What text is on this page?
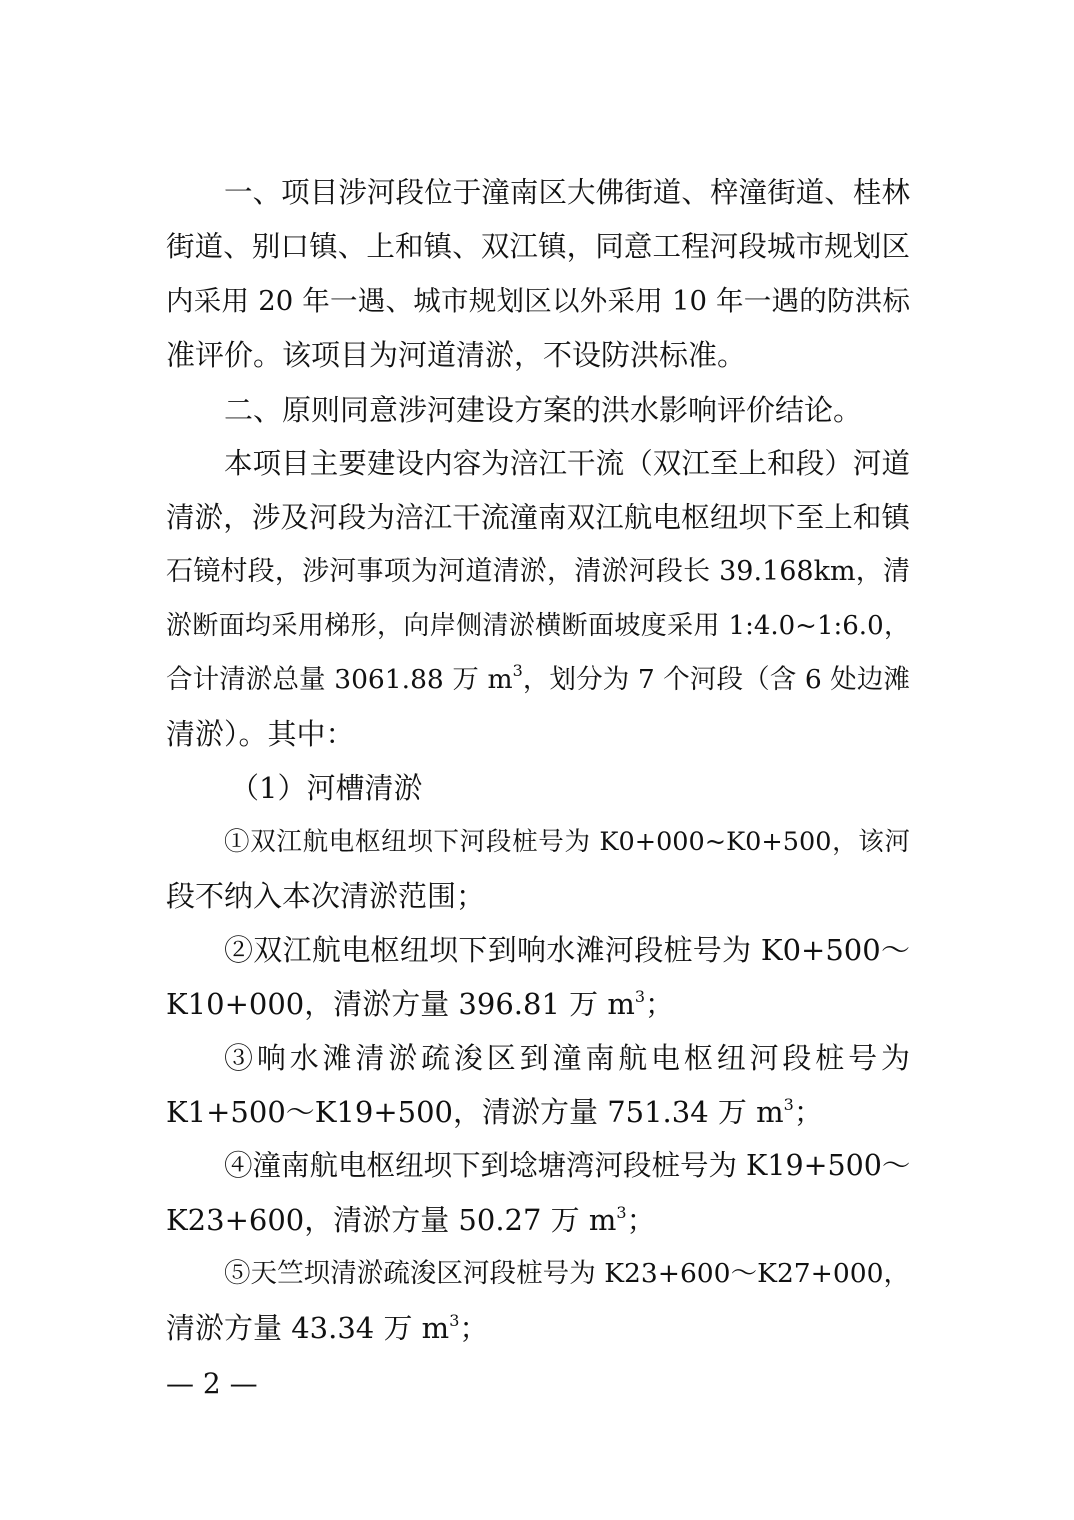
一、项目涉河段位于潼南区大佛街道、梓潼街道、桂林
街道、别口镇、上和镇、双江镇，同意工程河段城市规划区
内采用 20 年一遇、城市规划区以外采用 10 年一遇的防洪标
准评价。该项目为河道清淤，不设防洪标准。
二、原则同意涉河建设方案的洪水影响评价结论。
本项目主要建设内容为涪江干流（双江至上和段）河道
清淤，涉及河段为涪江干流潼南双江航电枢纽坝下至上和镇
石镜村段，涉河事项为河道清淤，清淤河段长 39.168km，清
淤断面均采用梯形，向岸侧清淤横断面坡度采用 1:4.0~1:6.0，
合计清淤总量 3061.88 万 $m^3$，划分为 7 个河段（含 6 处边滩
清淤）。其中：
（1）河槽清淤
①双江航电枢纽坝下河段桩号为 K0+000~K0+500，该河
段不纳入本次清淤范围；
②双江航电枢纽坝下到响水滩河段桩号为 K0+500～
K10+000，清淤方量 396.81 万 $m^3$；
③响水滩清淤疏浚区到潼南航电枢纽河段桩号为
K1+500～K19+500，清淤方量 751.34 万 $m^3$；
④潼南航电枢纽坝下到埝塘湾河段桩号为 K19+500～
K23+600，清淤方量 50.27 万 $m^3$；
⑤天竺坝清淤疏浚区河段桩号为 K23+600～K27+000，
清淤方量 43.34 万 $m^3$；
— 2 —
